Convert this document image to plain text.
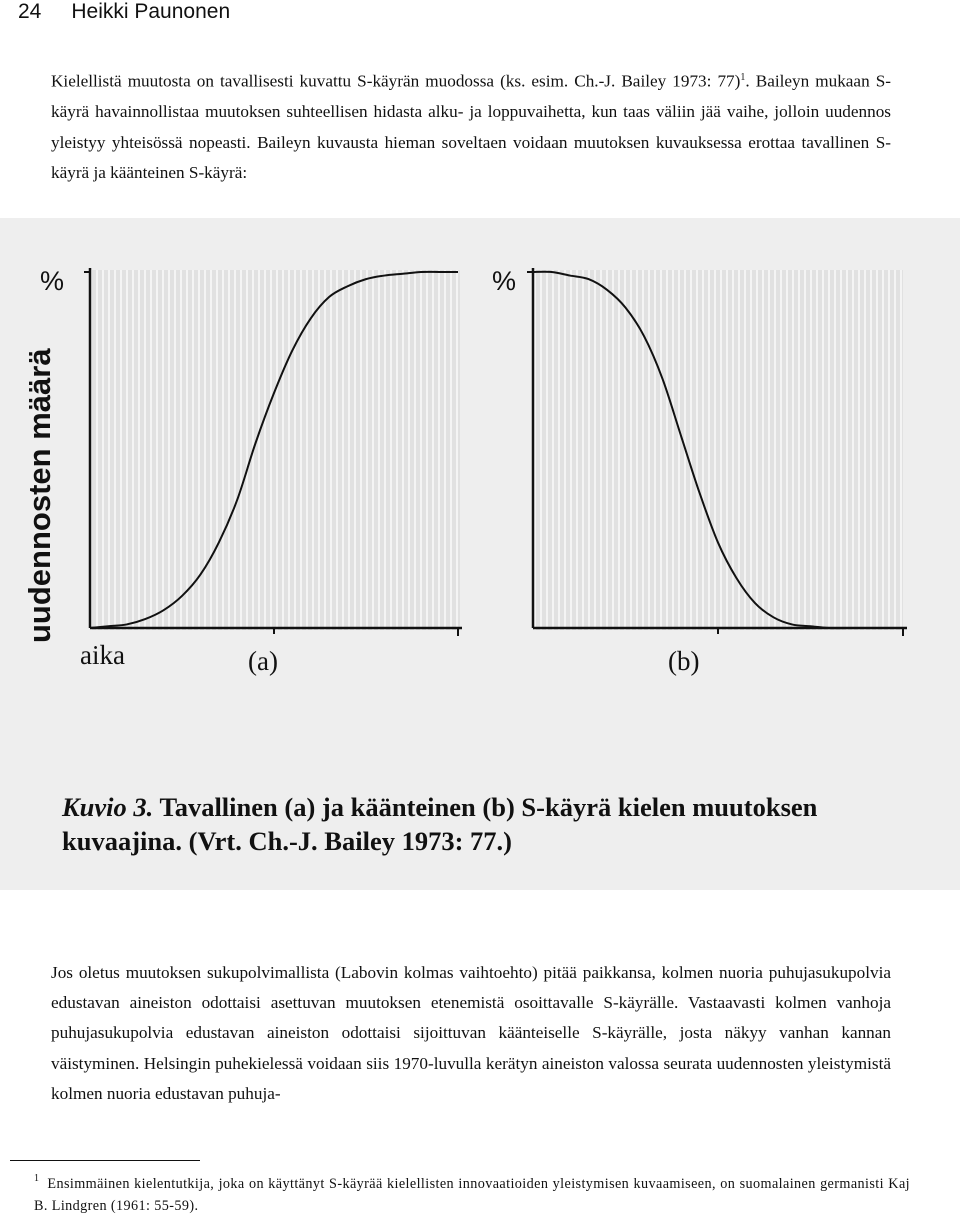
24 Heikki Paunonen

Kielellistä muutosta on tavallisesti kuvattu S-käyrän muodossa (ks. esim. Ch.-J. Bailey 1973: 77)$^1$. Baileyn mukaan S-käyrä havainnollistaa muutoksen suhteellisen hidasta alku- ja loppuvaihetta, kun taas väliin jää vaihe, jolloin uudennos yleistyy yhteisössä nopeasti. Baileyn kuvausta hieman soveltaen voidaan muutoksen kuvauksessa erottaa tavallinen S-käyrä ja käänteinen S-käyrä:

%	%
uudennosten määrä
aika	(a)	(b)
Kuvio 3. Tavallinen (a) ja käänteinen (b) S-käyrä kielen muutoksen kuvaajina. (Vrt. Ch.-J. Bailey 1973: 77.)

Jos oletus muutoksen sukupolvimallista (Labovin kolmas vaihtoehto) pitää paikkansa, kolmen nuoria puhujasukupolvia edustavan aineiston odottaisi asettuvan muutoksen etenemistä osoittavalle S-käyrälle. Vastaavasti kolmen vanhoja puhujasukupolvia edustavan aineiston odottaisi sijoittuvan käänteiselle S-käyrälle, josta näkyy vanhan kannan väistyminen. Helsingin puhekielessä voidaan siis 1970-luvulla kerätyn aineiston valossa seurata uudennosten yleistymistä kolmen nuoria edustavan puhuja-

$^1$ Ensimmäinen kielentutkija, joka on käyttänyt S-käyrää kielellisten innovaatioiden yleistymisen kuvaamiseen, on suomalainen germanisti Kaj B. Lindgren (1961: 55-59).
